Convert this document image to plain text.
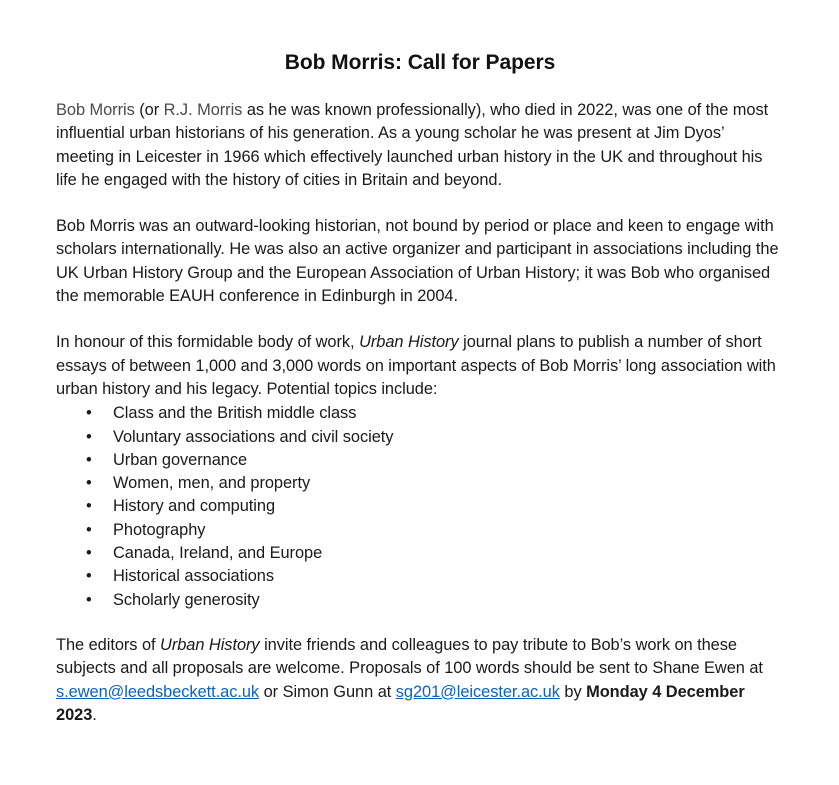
Bob Morris: Call for Papers

Bob Morris (or R.J. Morris as he was known professionally), who died in 2022, was one of the most influential urban historians of his generation. As a young scholar he was present at Jim Dyos’ meeting in Leicester in 1966 which effectively launched urban history in the UK and throughout his life he engaged with the history of cities in Britain and beyond.

Bob Morris was an outward-looking historian, not bound by period or place and keen to engage with scholars internationally. He was also an active organizer and participant in associations including the UK Urban History Group and the European Association of Urban History; it was Bob who organised the memorable EAUH conference in Edinburgh in 2004.

In honour of this formidable body of work, Urban History journal plans to publish a number of short essays of between 1,000 and 3,000 words on important aspects of Bob Morris’ long association with urban history and his legacy. Potential topics include:

• Class and the British middle class
• Voluntary associations and civil society
• Urban governance
• Women, men, and property
• History and computing
• Photography
• Canada, Ireland, and Europe
• Historical associations
• Scholarly generosity

The editors of Urban History invite friends and colleagues to pay tribute to Bob’s work on these subjects and all proposals are welcome. Proposals of 100 words should be sent to Shane Ewen at s.ewen@leedsbeckett.ac.uk or Simon Gunn at sg201@leicester.ac.uk by Monday 4 December 2023.
